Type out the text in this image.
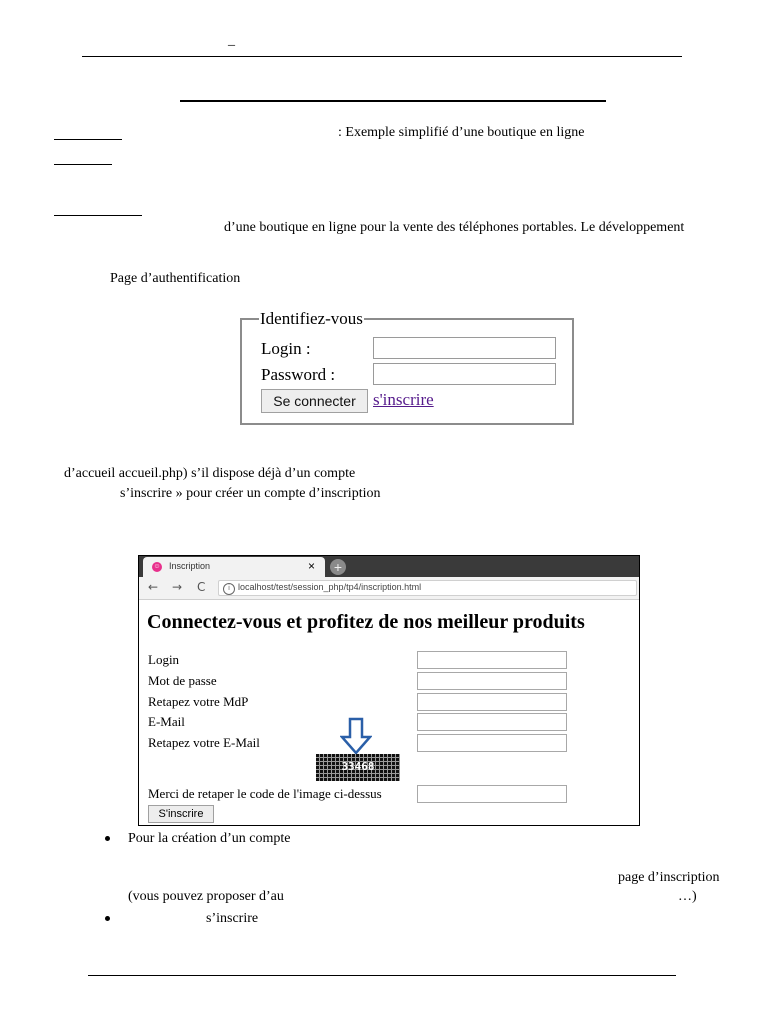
_
: Exemple simplifié d’une boutique en ligne
d’une boutique en ligne pour la vente des téléphones portables. Le développement
Page d’authentification
Identifiez-vous
Login :
Password :
Se connecter	s'inscrire
d’accueil accueil.php) s’il dispose déjà d’un compte
s’inscrire » pour créer un compte d’inscription
☺ Inscription	× +
← → C	i localhost/test/session_php/tp4/inscription.html
Connectez-vous et profitez de nos meilleur produits
Login
Mot de passe
Retapez votre MdP
E-Mail
Retapez votre E-Mail
33468
Merci de retaper le code de l'image ci-dessus
S'inscrire
Pour la création d’un compte
page d’inscription
(vous pouvez proposer d’au	…)
s’inscrire
